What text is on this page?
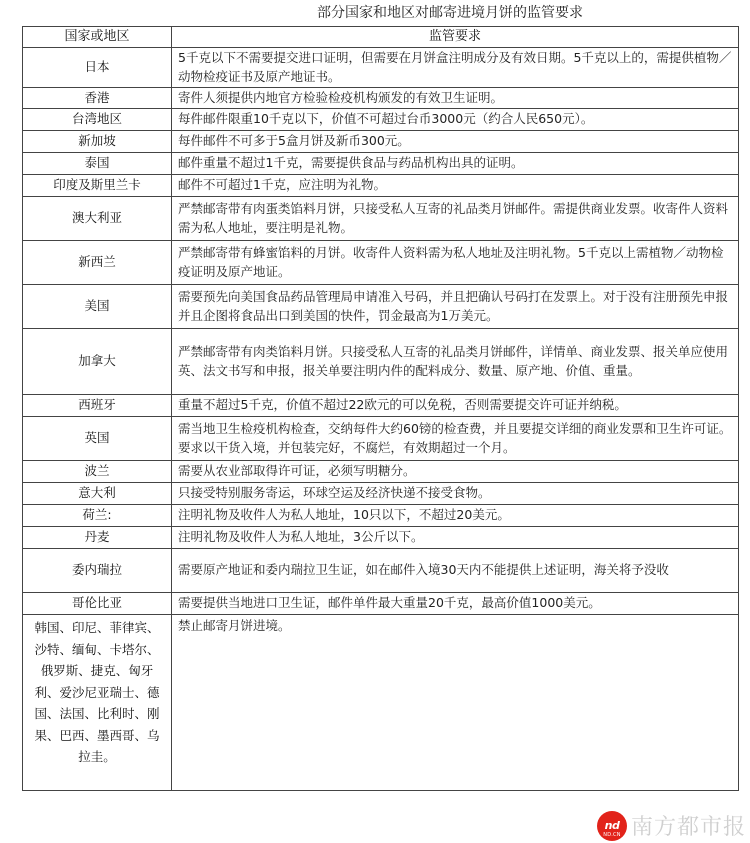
部分国家和地区对邮寄进境月饼的监管要求
国家或地区	监管要求
日本	5千克以下不需要提交进口证明，但需要在月饼盒注明成分及有效日期。5千克以上的，需提供植物／动物检疫证书及原产地证书。
香港	寄件人须提供内地官方检验检疫机构颁发的有效卫生证明。
台湾地区	每件邮件限重10千克以下，价值不可超过台币3000元（约合人民650元）。
新加坡	每件邮件不可多于5盒月饼及新币300元。
泰国	邮件重量不超过1千克，需要提供食品与药品机构出具的证明。
印度及斯里兰卡	邮件不可超过1千克，应注明为礼物。
澳大利亚	严禁邮寄带有肉蛋类馅料月饼，只接受私人互寄的礼品类月饼邮件。需提供商业发票。收寄件人资料需为私人地址，要注明是礼物。
新西兰	严禁邮寄带有蜂蜜馅料的月饼。收寄件人资料需为私人地址及注明礼物。5千克以上需植物／动物检疫证明及原产地证。
美国	需要预先向美国食品药品管理局申请准入号码，并且把确认号码打在发票上。对于没有注册预先申报并且企图将食品出口到美国的快件，罚金最高为1万美元。
加拿大	严禁邮寄带有肉类馅料月饼。只接受私人互寄的礼品类月饼邮件，详情单、商业发票、报关单应使用英、法文书写和申报，报关单要注明内件的配料成分、数量、原产地、价值、重量。
西班牙	重量不超过5千克，价值不超过22欧元的可以免税，否则需要提交许可证并纳税。
英国	需当地卫生检疫机构检查，交纳每件大约60镑的检查费，并且要提交详细的商业发票和卫生许可证。要求以干货入境，并包装完好，不腐烂，有效期超过一个月。
波兰	需要从农业部取得许可证，必须写明糖分。
意大利	只接受特别服务寄运，环球空运及经济快递不接受食物。
荷兰:	注明礼物及收件人为私人地址，10只以下，不超过20美元。
丹麦	注明礼物及收件人为私人地址，3公斤以下。
委内瑞拉	需要原产地证和委内瑞拉卫生证，如在邮件入境30天内不能提供上述证明，海关将予没收
哥伦比亚	需要提供当地进口卫生证，邮件单件最大重量20千克，最高价值1000美元。
韩国、印尼、菲律宾、沙特、缅甸、卡塔尔、俄罗斯、捷克、匈牙利、爱沙尼亚瑞士、德国、法国、比利时、刚果、巴西、墨西哥、乌拉圭。	禁止邮寄月饼进境。
nd
ND.CN 南方都市报
